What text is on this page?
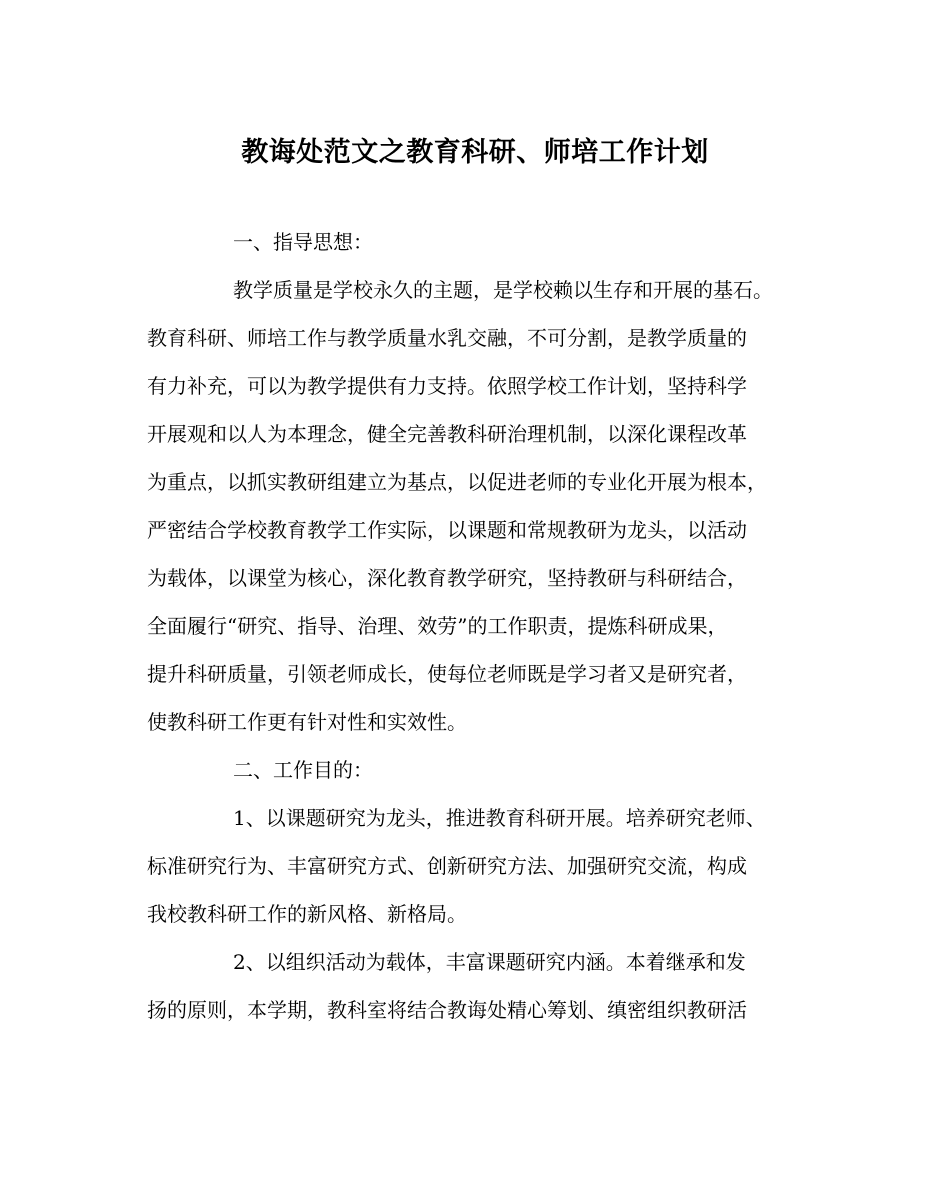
教诲处范文之教育科研、师培工作计划
一、指导思想：
教学质量是学校永久的主题，是学校赖以生存和开展的基石。
教育科研、师培工作与教学质量水乳交融，不可分割，是教学质量的
有力补充，可以为教学提供有力支持。依照学校工作计划，坚持科学
开展观和以人为本理念，健全完善教科研治理机制，以深化课程改革
为重点，以抓实教研组建立为基点，以促进老师的专业化开展为根本，
严密结合学校教育教学工作实际，以课题和常规教研为龙头，以活动
为载体，以课堂为核心，深化教育教学研究，坚持教研与科研结合，
全面履行“研究、指导、治理、效劳”的工作职责，提炼科研成果，
提升科研质量，引领老师成长，使每位老师既是学习者又是研究者，
使教科研工作更有针对性和实效性。
二、工作目的：
1、以课题研究为龙头，推进教育科研开展。培养研究老师、
标准研究行为、丰富研究方式、创新研究方法、加强研究交流，构成
我校教科研工作的新风格、新格局。
2、以组织活动为载体，丰富课题研究内涵。本着继承和发
扬的原则，本学期，教科室将结合教诲处精心筹划、缜密组织教研活
